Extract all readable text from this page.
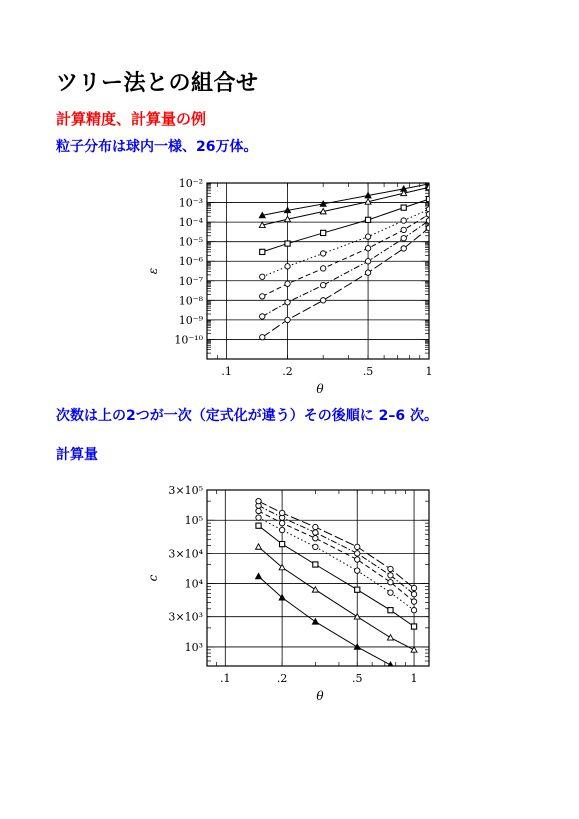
ツリー法との組合せ
計算精度、計算量の例
粒子分布は球内一様、26万体。
.1	.2	.5	1
10⁻²
10⁻³
10⁻⁴
10⁻⁵
10⁻⁶
10⁻⁷
10⁻⁸
10⁻⁹
10⁻¹⁰
θ
ε
次数は上の2つが一次（定式化が違う）その後順に 2–6 次。
計算量
.1	.2	.5	1
3×10⁵
10⁵
3×10⁴
10⁴
3×10³
10³
θ
c
